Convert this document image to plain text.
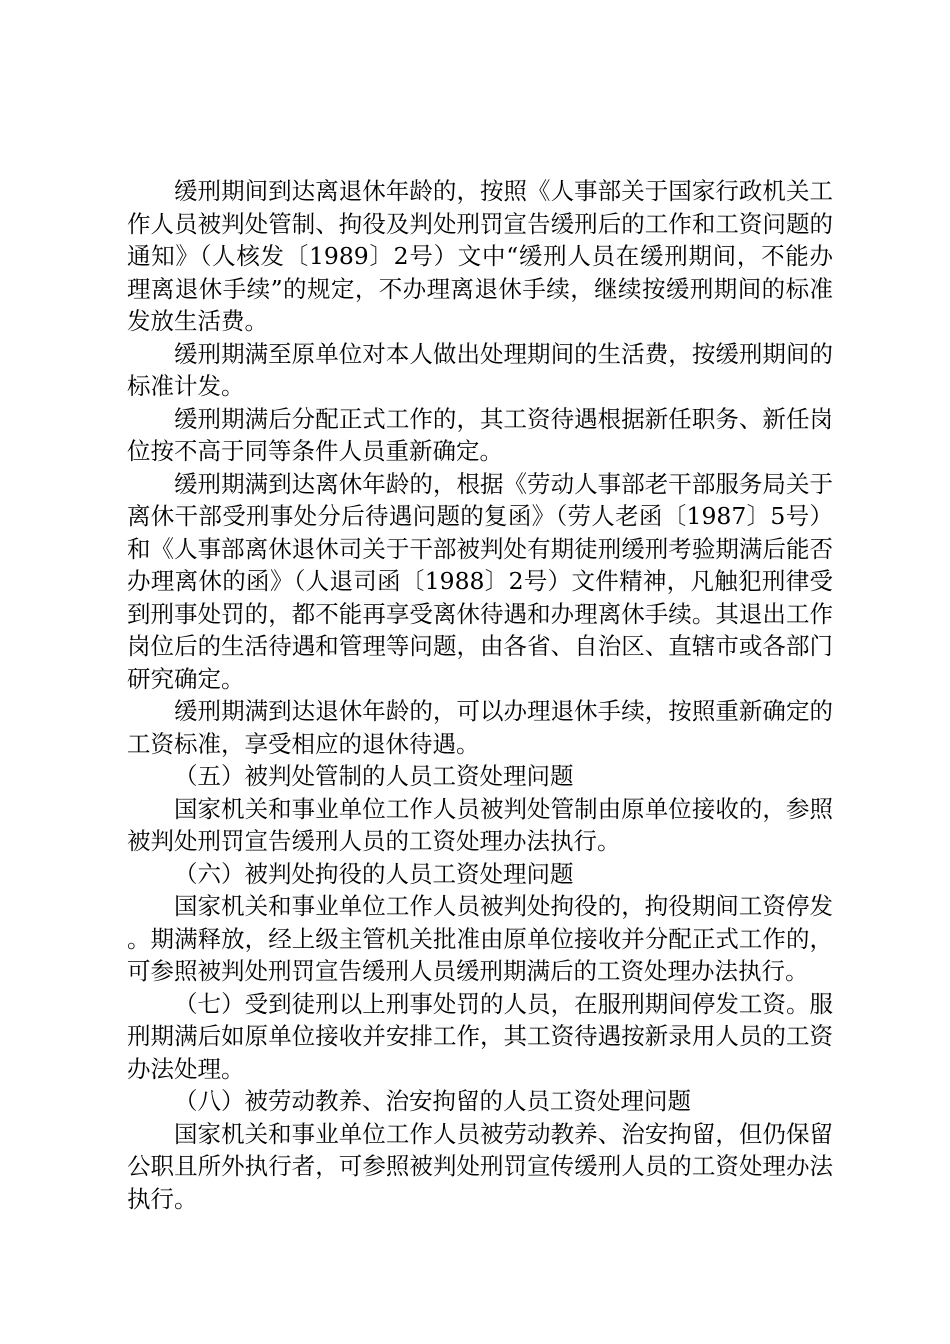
缓刑期间到达离退休年龄的，按照《人事部关于国家行政机关工作人员被判处管制、拘役及判处刑罚宣告缓刑后的工作和工资问题的通知》（人核发〔1989〕2号）文中“缓刑人员在缓刑期间，不能办理离退休手续”的规定，不办理离退休手续，继续按缓刑期间的标准发放生活费。

缓刑期满至原单位对本人做出处理期间的生活费，按缓刑期间的标准计发。

缓刑期满后分配正式工作的，其工资待遇根据新任职务、新任岗位按不高于同等条件人员重新确定。

缓刑期满到达离休年龄的，根据《劳动人事部老干部服务局关于离休干部受刑事处分后待遇问题的复函》（劳人老函〔1987〕5号）和《人事部离休退休司关于干部被判处有期徒刑缓刑考验期满后能否办理离休的函》（人退司函〔1988〕2号）文件精神，凡触犯刑律受到刑事处罚的，都不能再享受离休待遇和办理离休手续。其退出工作岗位后的生活待遇和管理等问题，由各省、自治区、直辖市或各部门研究确定。

缓刑期满到达退休年龄的，可以办理退休手续，按照重新确定的工资标准，享受相应的退休待遇。

（五）被判处管制的人员工资处理问题

国家机关和事业单位工作人员被判处管制由原单位接收的，参照被判处刑罚宣告缓刑人员的工资处理办法执行。

（六）被判处拘役的人员工资处理问题

国家机关和事业单位工作人员被判处拘役的，拘役期间工资停发。期满释放，经上级主管机关批准由原单位接收并分配正式工作的，可参照被判处刑罚宣告缓刑人员缓刑期满后的工资处理办法执行。

（七）受到徒刑以上刑事处罚的人员，在服刑期间停发工资。服刑期满后如原单位接收并安排工作，其工资待遇按新录用人员的工资办法处理。

（八）被劳动教养、治安拘留的人员工资处理问题

国家机关和事业单位工作人员被劳动教养、治安拘留，但仍保留公职且所外执行者，可参照被判处刑罚宣传缓刑人员的工资处理办法执行。
